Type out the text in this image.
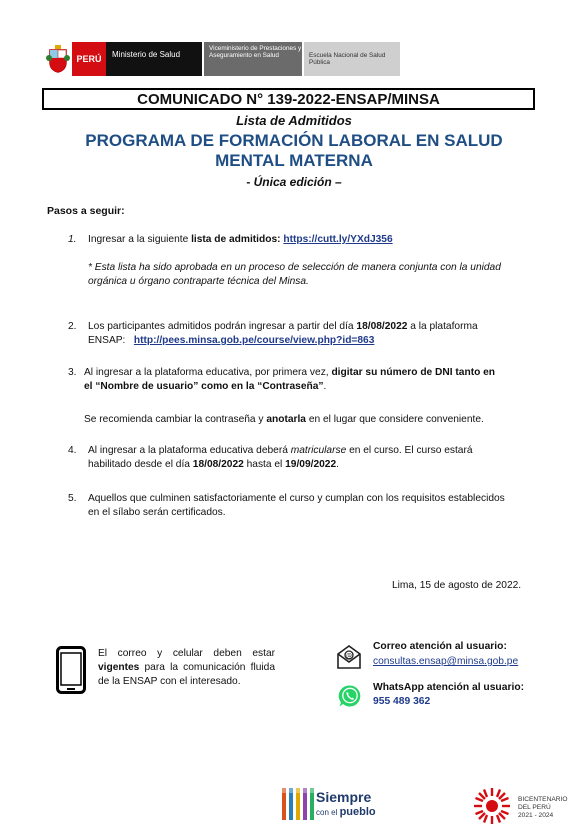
PERÚ	Ministerio de Salud
Viceministerio de Prestaciones y Aseguramiento en Salud	Escuela Nacional de Salud Pública
COMUNICADO N° 139-2022-ENSAP/MINSA
Lista de Admitidos
PROGRAMA DE FORMACIÓN LABORAL EN SALUD
MENTAL MATERNA
- Única edición –
Pasos a seguir:
1. Ingresar a la siguiente lista de admitidos: https://cutt.ly/YXdJ356
* Esta lista ha sido aprobada en un proceso de selección de manera conjunta con la unidad orgánica u órgano contraparte técnica del Minsa.
2. Los participantes admitidos podrán ingresar a partir del día 18/08/2022 a la plataforma
ENSAP: http://pees.minsa.gob.pe/course/view.php?id=863
3. Al ingresar a la plataforma educativa, por primera vez, digitar su número de DNI tanto en
el “Nombre de usuario” como en la “Contraseña”.
Se recomienda cambiar la contraseña y anotarla en el lugar que considere conveniente.
4. Al ingresar a la plataforma educativa deberá matricularse en el curso. El curso estará
habilitado desde el día 18/08/2022 hasta el 19/09/2022.
5. Aquellos que culminen satisfactoriamente el curso y cumplan con los requisitos establecidos
en el sílabo serán certificados.
Lima, 15 de agosto de 2022.
El correo y celular deben estar
vigentes para la comunicación fluida
de la ENSAP con el interesado.
@
Correo atención al usuario:
consultas.ensap@minsa.gob.pe
WhatsApp atención al usuario:
955 489 362
Siempre
con el pueblo
BICENTENARIO
DEL PERÚ
2021 - 2024
